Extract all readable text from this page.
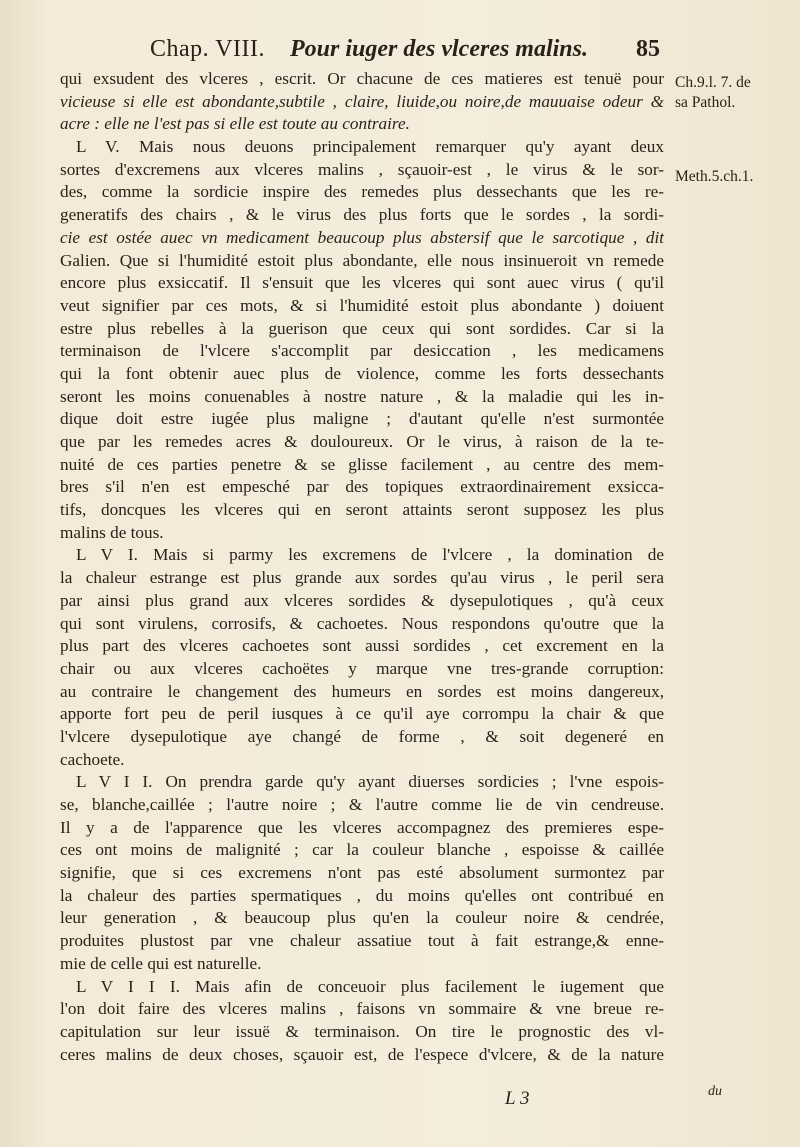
Chap. VIII. Pour iuger des vlceres malins. 85
Ch.9.l. 7. de
sa Pathol.
Meth.5.ch.1.
qui exsudent des vlceres , escrit. Or chacune de ces matieres est tenuë pour
vicieuse si elle est abondante,subtile , claire, liuide,ou noire,de mauuaise odeur &
acre : elle ne l'est pas si elle est toute au contraire.
L V. Mais nous deuons principalement remarquer qu'y ayant deux
sortes d'excremens aux vlceres malins , sçauoir-est , le virus & le sor-
des, comme la sordicie inspire des remedes plus dessechants que les re-
generatifs des chairs , & le virus des plus forts que le sordes , la sordi-
cie est ostée auec vn medicament beaucoup plus abstersif que le sarcotique , dit
Galien. Que si l'humidité estoit plus abondante, elle nous insinueroit vn remede
encore plus exsiccatif. Il s'ensuit que les vlceres qui sont auec virus ( qu'il
veut signifier par ces mots, & si l'humidité estoit plus abondante ) doiuent
estre plus rebelles à la guerison que ceux qui sont sordides. Car si la
terminaison de l'vlcere s'accomplit par desiccation , les medicamens
qui la font obtenir auec plus de violence, comme les forts dessechants
seront les moins conuenables à nostre nature , & la maladie qui les in-
dique doit estre iugée plus maligne ; d'autant qu'elle n'est surmontée
que par les remedes acres & douloureux. Or le virus, à raison de la te-
nuité de ces parties penetre & se glisse facilement , au centre des mem-
bres s'il n'en est empesché par des topiques extraordinairement exsicca-
tifs, doncques les vlceres qui en seront attaints seront supposez les plus
malins de tous.
L V I. Mais si parmy les excremens de l'vlcere , la domination de
la chaleur estrange est plus grande aux sordes qu'au virus , le peril sera
par ainsi plus grand aux vlceres sordides & dysepulotiques , qu'à ceux
qui sont virulens, corrosifs, & cachoetes. Nous respondons qu'outre que la
plus part des vlceres cachoetes sont aussi sordides , cet excrement en la
chair ou aux vlceres cachoëtes y marque vne tres-grande corruption:
au contraire le changement des humeurs en sordes est moins dangereux,
apporte fort peu de peril iusques à ce qu'il aye corrompu la chair & que
l'vlcere dysepulotique aye changé de forme , & soit degeneré en
cachoete.
L V I I. On prendra garde qu'y ayant diuerses sordicies ; l'vne espois-
se, blanche,caillée ; l'autre noire ; & l'autre comme lie de vin cendreuse.
Il y a de l'apparence que les vlceres accompagnez des premieres espe-
ces ont moins de malignité ; car la couleur blanche , espoisse & caillée
signifie, que si ces excremens n'ont pas esté absolument surmontez par
la chaleur des parties spermatiques , du moins qu'elles ont contribué en
leur generation , & beaucoup plus qu'en la couleur noire & cendrée,
produites plustost par vne chaleur assatiue tout à fait estrange,& enne-
mie de celle qui est naturelle.
L V I I I. Mais afin de conceuoir plus facilement le iugement que
l'on doit faire des vlceres malins , faisons vn sommaire & vne breue re-
capitulation sur leur issuë & terminaison. On tire le prognostic des vl-
ceres malins de deux choses, sçauoir est, de l'espece d'vlcere, & de la nature
L 3	du
